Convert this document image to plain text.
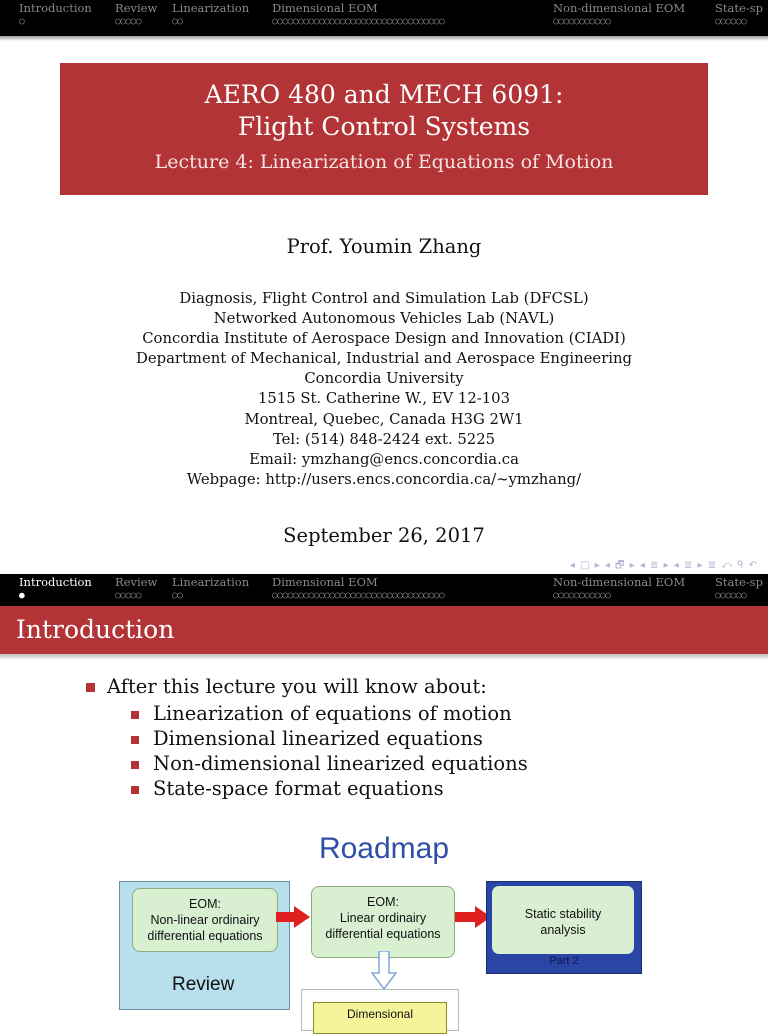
Introduction Review Linearization Dimensional EOM	Non-dimensional EOM	State-sp
○	○○○○○	○○	○○○○○○○○○○○○○○○○○○○○○○○○○○○○○○○○○	○○○○○○○○○○○	○○○○○○
AERO 480 and MECH 6091:
Flight Control Systems
Lecture 4: Linearization of Equations of Motion
Prof. Youmin Zhang
Diagnosis, Flight Control and Simulation Lab (DFCSL)
Networked Autonomous Vehicles Lab (NAVL)
Concordia Institute of Aerospace Design and Innovation (CIADI)
Department of Mechanical, Industrial and Aerospace Engineering
Concordia University
1515 St. Catherine W., EV 12-103
Montreal, Quebec, Canada H3G 2W1
Tel: (514) 848-2424 ext. 5225
Email: ymzhang@encs.concordia.ca
Webpage: http://users.encs.concordia.ca/∼ymzhang/
September 26, 2017
◂ □ ▸ ◂ 🗗 ▸ ◂ ≣ ▸ ◂ ≣ ▸ ≣ ⤺ ᑫ ↶
Introduction Review Linearization Dimensional EOM	Non-dimensional EOM	State-sp
●	○○○○○	○○	○○○○○○○○○○○○○○○○○○○○○○○○○○○○○○○○○	○○○○○○○○○○○	○○○○○○
Introduction
After this lecture you will know about:
Linearization of equations of motion
Dimensional linearized equations
Non-dimensional linearized equations
State-space format equations
Roadmap
EOM:
Non-linear ordinairy
differential equations
Review
EOM:
Linear ordinairy
differential equations
Static stability
analysis
Part 2
Dimensional
